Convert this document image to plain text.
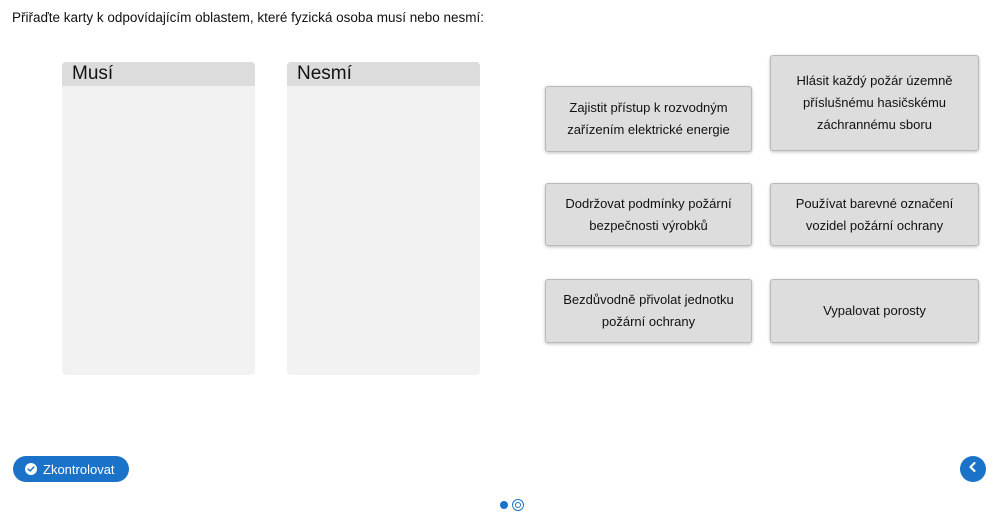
Přiřaďte karty k odpovídajícím oblastem, které fyzická osoba musí nebo nesmí:
Musí	Nesmí
Zajistit přístup k rozvodným zařízením elektrické energie
Hlásit každý požár územně příslušnému hasičskému záchrannému sboru
Dodržovat podmínky požární bezpečnosti výrobků
Používat barevné označení vozidel požární ochrany
Bezdůvodně přivolat jednotku požární ochrany
Vypalovat porosty
Zkontrolovat
